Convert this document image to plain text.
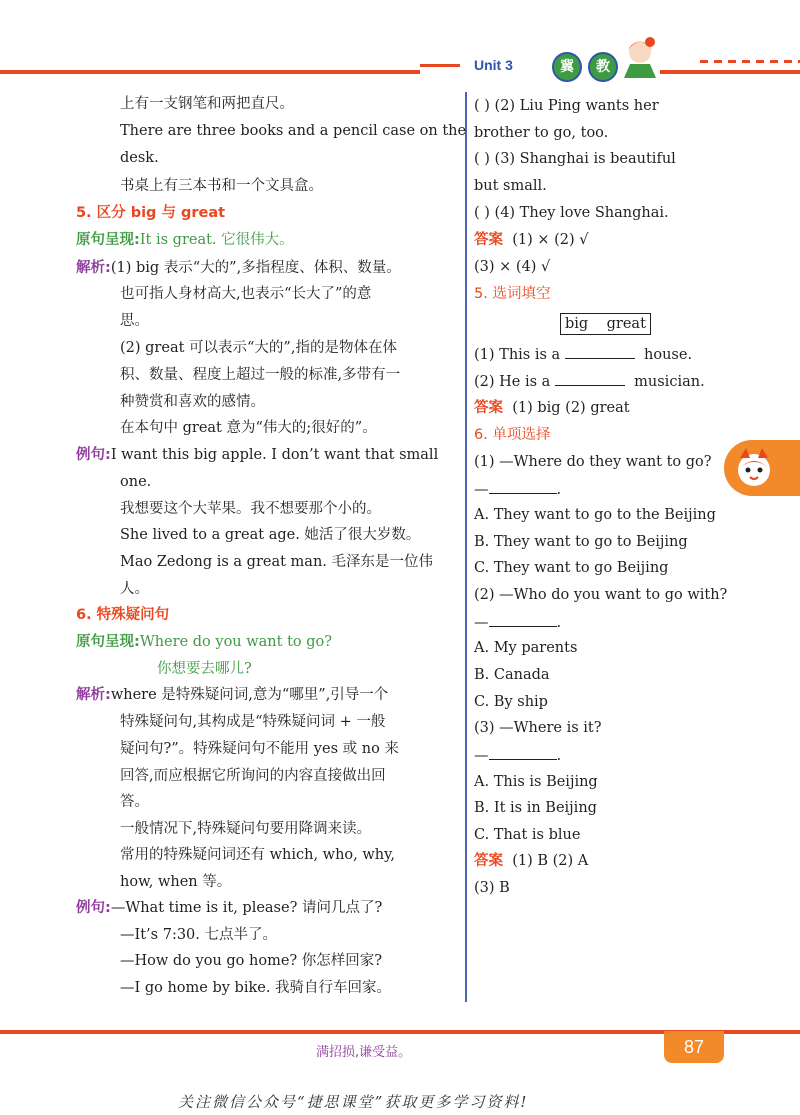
Unit 3	冀	教
上有一支钢笔和两把直尺。
There are three books and a pencil case on the
desk.
书桌上有三本书和一个文具盒。
5. 区分 big 与 great
原句呈现:It is great. 它很伟大。
解析:(1) big 表示“大的”,多指程度、体积、数量。
也可指人身材高大,也表示“长大了”的意
思。
(2) great 可以表示“大的”,指的是物体在体
积、数量、程度上超过一般的标准,多带有一
种赞赏和喜欢的感情。
在本句中 great 意为“伟大的;很好的”。
例句:I want this big apple. I don’t want that small
one.
我想要这个大苹果。我不想要那个小的。
She lived to a great age. 她活了很大岁数。
Mao Zedong is a great man. 毛泽东是一位伟
人。
6. 特殊疑问句
原句呈现:Where do you want to go?
你想要去哪儿?
解析:where 是特殊疑问词,意为“哪里”,引导一个
特殊疑问句,其构成是“特殊疑问词 + 一般
疑问句?”。特殊疑问句不能用 yes 或 no 来
回答,而应根据它所询问的内容直接做出回
答。
一般情况下,特殊疑问句要用降调来读。
常用的特殊疑问词还有 which, who, why,
how, when 等。
例句:—What time is it, please? 请问几点了?
—It’s 7:30. 七点半了。
—How do you go home? 你怎样回家?
—I go home by bike. 我骑自行车回家。
( ) (2) Liu Ping wants her
brother to go, too.
( ) (3) Shanghai is beautiful
but small.
( ) (4) They love Shanghai.
答案 (1) × (2) √
(3) × (4) √
5. 选词填空
big    great
(1) This is a	house.
(2) He is a	musician.
答案 (1) big (2) great
6. 单项选择
(1) —Where do they want to go?
—	.
A. They want to go to the Beijing
B. They want to go to Beijing
C. They want to go Beijing
(2) —Who do you want to go with?
—	.
A. My parents
B. Canada
C. By ship
(3) —Where is it?
—	.
A. This is Beijing
B. It is in Beijing
C. That is blue
答案 (1) B (2) A
(3) B
满招损,谦受益。	87
关注微信公众号“捷思课堂”获取更多学习资料!
